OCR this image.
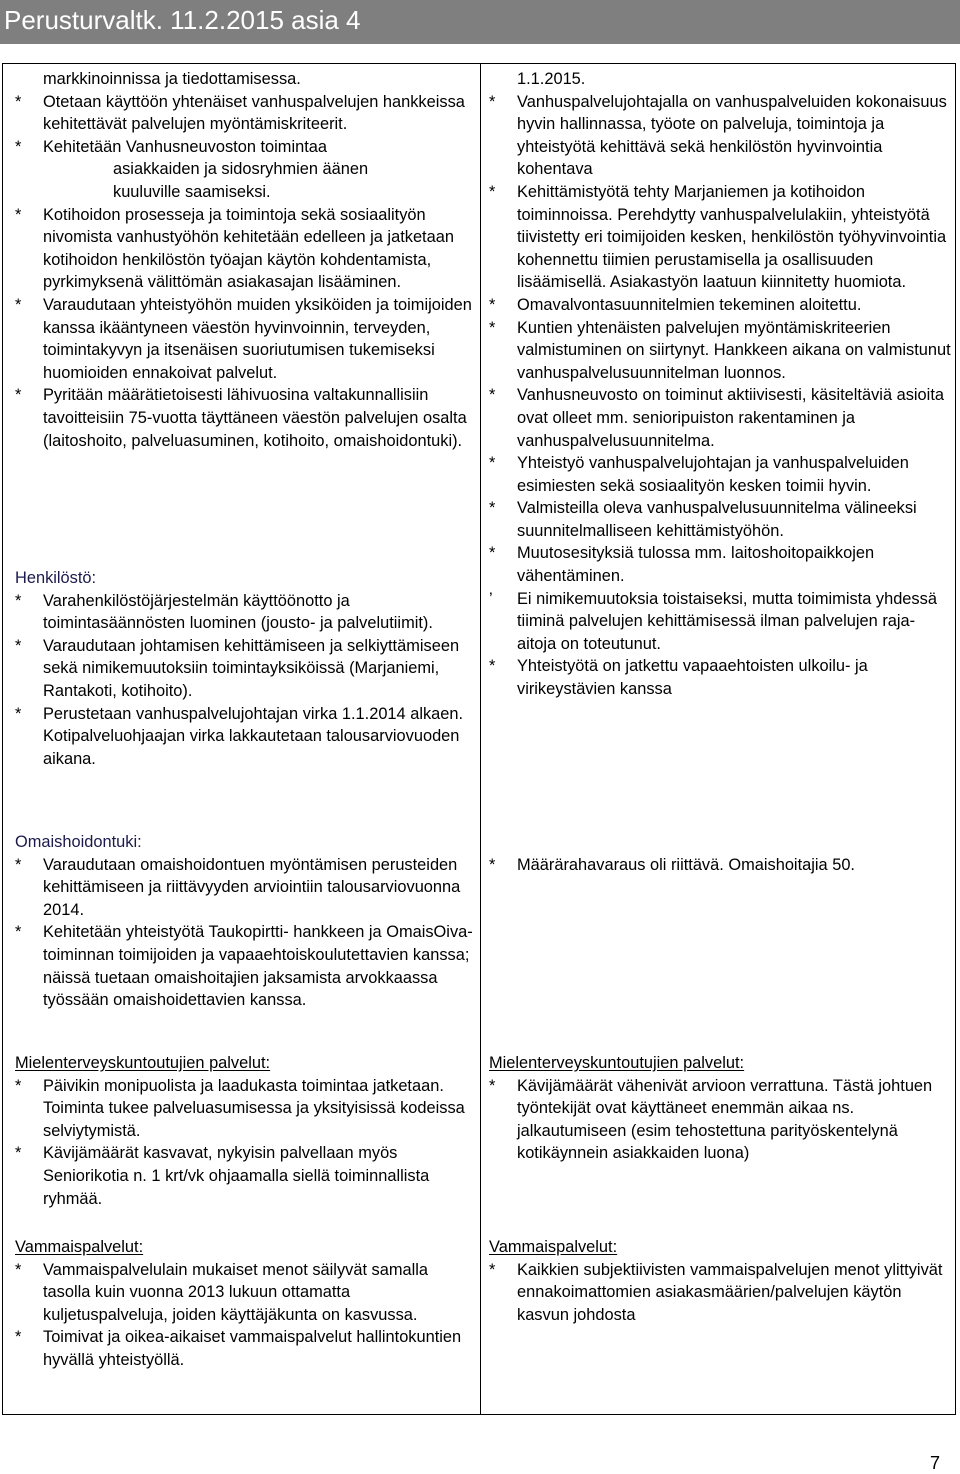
Perusturvaltk. 11.2.2015 asia 4

markkinoinnissa ja tiedottamisessa.

* Otetaan käyttöön yhtenäiset vanhuspalvelujen hankkeissa kehitettävät palvelujen myöntämiskriteerit.

* Kehitetään Vanhusneuvoston toimintaa

asiakkaiden ja sidosryhmien äänen

kuuluville saamiseksi.

* Kotihoidon prosesseja ja toimintoja sekä sosiaalityön nivomista vanhustyöhön kehitetään edelleen ja jatketaan kotihoidon henkilöstön työajan käytön kohdentamista, pyrkimyksenä välittömän asiakasajan lisääminen.

* Varaudutaan yhteistyöhön muiden yksiköiden ja toimijoiden kanssa ikääntyneen väestön hyvinvoinnin, terveyden, toimintakyvyn ja itsenäisen suoriutumisen tukemiseksi huomioiden ennakoivat palvelut.

* Pyritään määrätietoisesti lähivuosina valtakunnallisiin tavoitteisiin 75-vuotta täyttäneen väestön palvelujen osalta (laitoshoito, palveluasuminen, kotihoito, omaishoidontuki).

Henkilöstö:

* Varahenkilöstöjärjestelmän käyttöönotto ja toimintasäännösten luominen (jousto- ja palvelutiimit).

* Varaudutaan johtamisen kehittämiseen ja selkiyttämiseen sekä nimikemuutoksiin toimintayksiköissä (Marjaniemi, Rantakoti, kotihoito).

* Perustetaan vanhuspalvelujohtajan virka 1.1.2014 alkaen. Kotipalveluohjaajan virka lakkautetaan talousarviovuoden aikana.

Omaishoidontuki:

* Varaudutaan omaishoidontuen myöntämisen perusteiden kehittämiseen ja riittävyyden arviointiin talousarviovuonna 2014.

* Kehitetään yhteistyötä Taukopirtti- hankkeen ja OmaisOiva- toiminnan toimijoiden ja vapaaehtoiskoulutettavien kanssa; näissä tuetaan omaishoitajien jaksamista arvokkaassa työssään omaishoidettavien kanssa.

Mielenterveyskuntoutujien palvelut:

* Päivikin monipuolista ja laadukasta toimintaa jatketaan. Toiminta tukee palveluasumisessa ja yksityisissä kodeissa selviytymistä.

* Kävijämäärät kasvavat, nykyisin palvellaan myös Seniorikotia n. 1 krt/vk ohjaamalla siellä toiminnallista ryhmää.

Vammaispalvelut:

* Vammaispalvelulain mukaiset menot säilyvät samalla tasolla kuin vuonna 2013 lukuun ottamatta kuljetuspalveluja, joiden käyttäjäkunta on kasvussa.

* Toimivat ja oikea-aikaiset vammaispalvelut hallintokuntien hyvällä yhteistyöllä.

1.1.2015.

* Vanhuspalvelujohtajalla on vanhuspalveluiden kokonaisuus hyvin hallinnassa, työote on palveluja, toimintoja ja yhteistyötä kehittävä sekä henkilöstön hyvinvointia kohentava

* Kehittämistyötä tehty Marjaniemen ja kotihoidon toiminnoissa. Perehdytty vanhuspalvelulakiin, yhteistyötä tiivistetty eri toimijoiden kesken, henkilöstön työhyvinvointia kohennettu tiimien perustamisella ja osallisuuden lisäämisellä. Asiakastyön laatuun kiinnitetty huomiota.

* Omavalvontasuunnitelmien tekeminen aloitettu.

* Kuntien yhtenäisten palvelujen myöntämiskriteerien valmistuminen on siirtynyt. Hankkeen aikana on valmistunut vanhuspalvelusuunnitelman luonnos.

* Vanhusneuvosto on toiminut aktiivisesti, käsiteltäviä asioita ovat olleet mm. senioripuiston rakentaminen ja vanhuspalvelusuunnitelma.

* Yhteistyö vanhuspalvelujohtajan ja vanhuspalveluiden esimiesten sekä sosiaalityön kesken toimii hyvin.

* Valmisteilla oleva vanhuspalvelusuunnitelma välineeksi suunnitelmalliseen kehittämistyöhön.

* Muutosesityksiä tulossa mm. laitoshoitopaikkojen vähentäminen.

’ Ei nimikemuutoksia toistaiseksi, mutta toimimista yhdessä tiiminä palvelujen kehittämisessä ilman palvelujen raja-aitoja on toteutunut.

* Yhteistyötä on jatkettu vapaaehtoisten ulkoilu- ja virikeystävien kanssa

* Määrärahavaraus oli riittävä. Omaishoitajia 50.

Mielenterveyskuntoutujien palvelut:

* Kävijämäärät vähenivät arvioon verrattuna. Tästä johtuen työntekijät ovat käyttäneet enemmän aikaa ns. jalkautumiseen (esim tehostettuna parityöskentelynä kotikäynnein asiakkaiden luona)

Vammaispalvelut:

* Kaikkien subjektiivisten vammaispalvelujen menot ylittyivät ennakoimattomien asiakasmäärien/palvelujen käytön kasvun johdosta

7
